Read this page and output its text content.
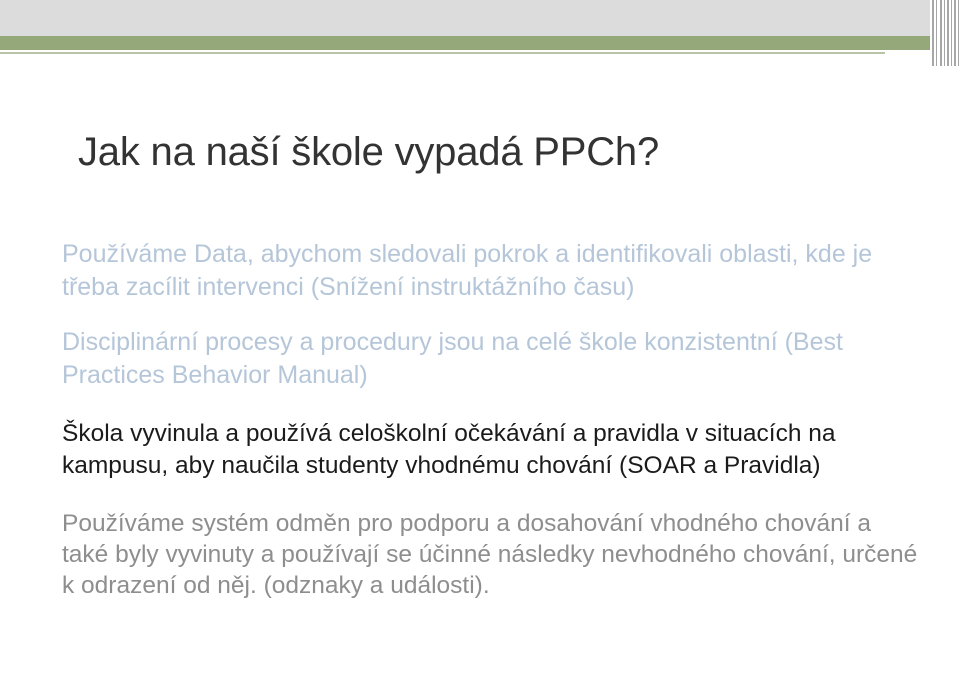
Jak na naší škole vypadá PPCh?
Používáme Data, abychom sledovali pokrok a identifikovali oblasti, kde je třeba zacílit intervenci (Snížení instruktážního času)
Disciplinární procesy a procedury jsou na celé škole konzistentní (Best Practices Behavior Manual)
Škola vyvinula a používá celoškolní očekávání a pravidla v situacích na kampusu, aby naučila studenty vhodnému chování (SOAR a Pravidla)
Používáme systém odměn pro podporu a dosahování vhodného chování a také byly vyvinuty a používají se účinné následky nevhodného chování, určené k odrazení od něj. (odznaky a události).
